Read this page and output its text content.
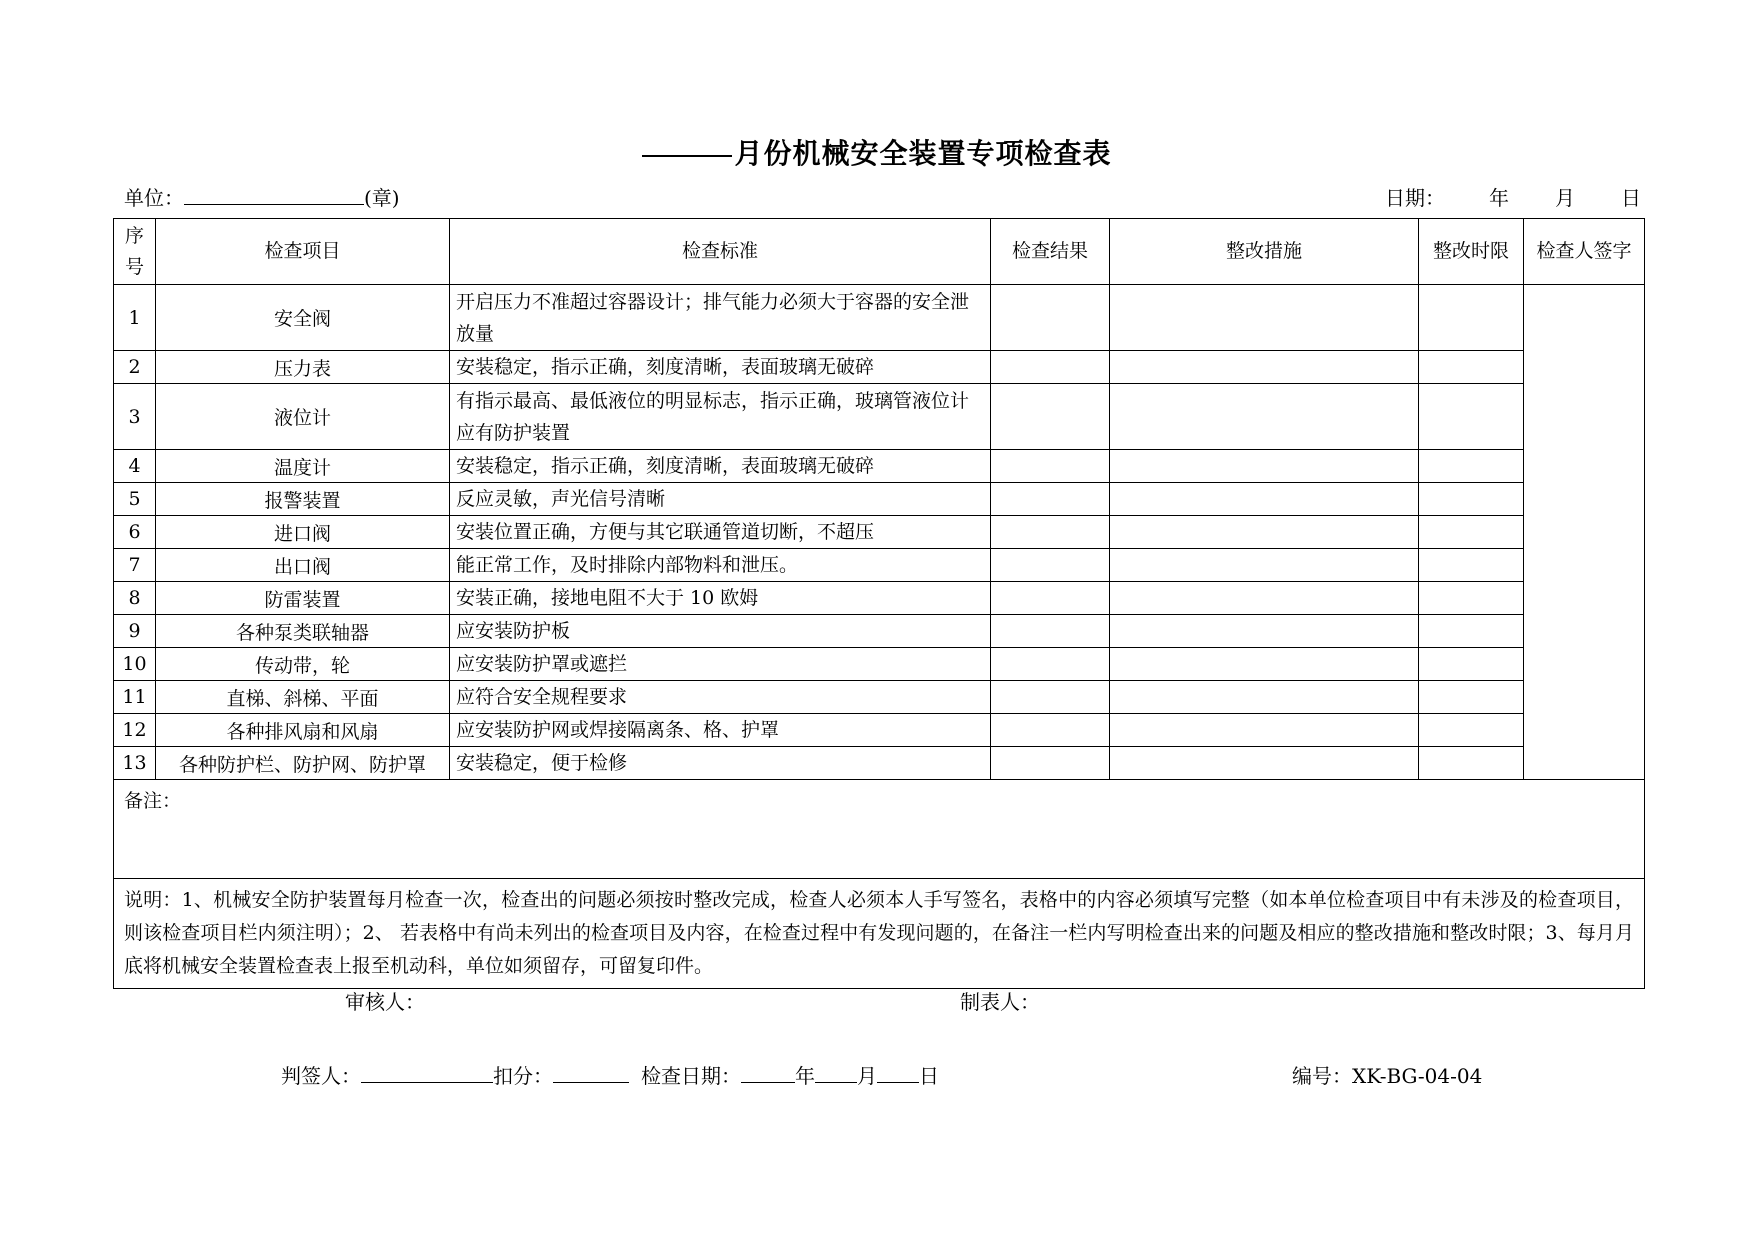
月份机械安全装置专项检查表
单位：	(章)	日期： 年 月 日
序号	检查项目	检查标准	检查结果	整改措施	整改时限	检查人签字
1	安全阀	开启压力不准超过容器设计；排气能力必须大于容器的安全泄放量				
2	压力表	安装稳定，指示正确，刻度清晰，表面玻璃无破碎				
3	液位计	有指示最高、最低液位的明显标志，指示正确，玻璃管液位计应有防护装置				
4	温度计	安装稳定，指示正确，刻度清晰，表面玻璃无破碎				
5	报警装置	反应灵敏，声光信号清晰				
6	进口阀	安装位置正确，方便与其它联通管道切断，不超压				
7	出口阀	能正常工作，及时排除内部物料和泄压。				
8	防雷装置	安装正确，接地电阻不大于 10 欧姆				
9	各种泵类联轴器	应安装防护板				
10	传动带，轮	应安装防护罩或遮拦				
11	直梯、斜梯、平面	应符合安全规程要求				
12	各种排风扇和风扇	应安装防护网或焊接隔离条、格、护罩				
13	各种防护栏、防护网、防护罩	安装稳定，便于检修				
备注：						
说明：1、机械安全防护装置每月检查一次，检查出的问题必须按时整改完成，检查人必须本人手写签名，表格中的内容必须填写完整（如本单位检查项目中有未涉及的检查项目，则该检查项目栏内须注明）；2、 若表格中有尚未列出的检查项目及内容，在检查过程中有发现问题的，在备注一栏内写明检查出来的问题及相应的整改措施和整改时限；3、每月月底将机械安全装置检查表上报至机动科，单位如须留存，可留复印件。						
审核人：	制表人：
判签人：	扣分：	检查日期：	年 月 日	编号：XK-BG-04-04
